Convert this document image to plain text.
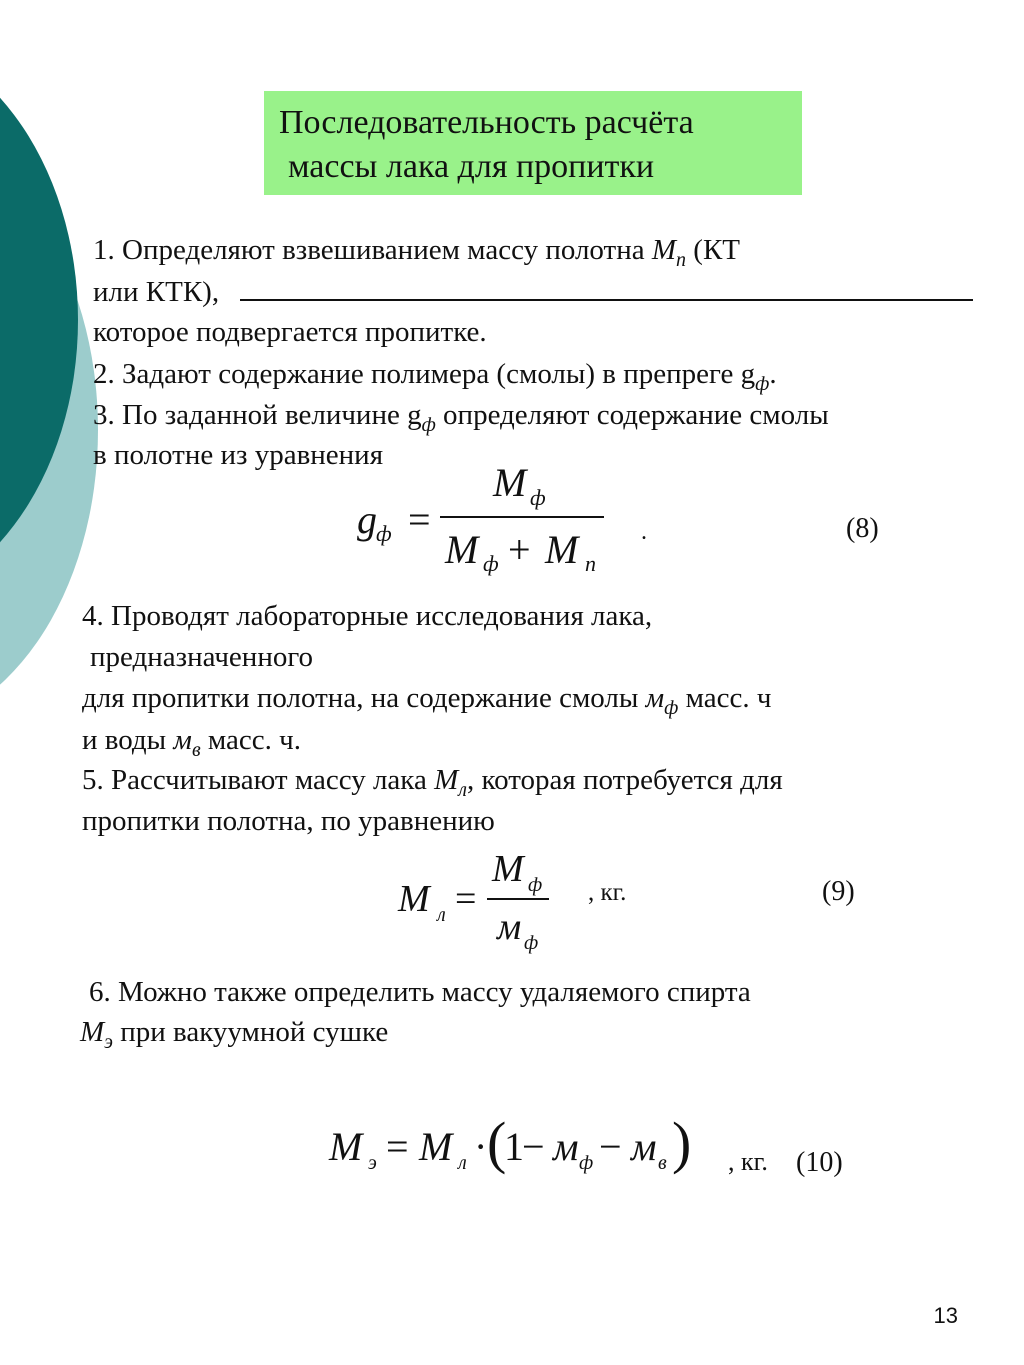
Последовательность расчёта
массы лака для пропитки
1. Определяют взвешиванием массу полотна $М_п$ (КТ
или КТК),
которое подвергается пропитке.
2. Задают содержание полимера (смолы) в препреге $g_ф$.
3. По заданной величине $g_ф$ определяют содержание смолы
в полотне из уравнения
g ф =
М ф
М ф + М п
.	(8)
4. Проводят лабораторные исследования лака,
предназначенного
для пропитки полотна, на содержание смолы $м_ф$ масс. ч
и воды $м_в$ масс. ч.
5. Рассчитывают массу лака $М_л$, которая потребуется для
пропитки полотна, по уравнению
М л =
М ф
м ф
, кг.	(9)
6. Можно также определить массу удаляемого спирта
$М_э$ при вакуумной сушке
М э = М л · (
1
− м ф − м в ) , кг. (10)
13
